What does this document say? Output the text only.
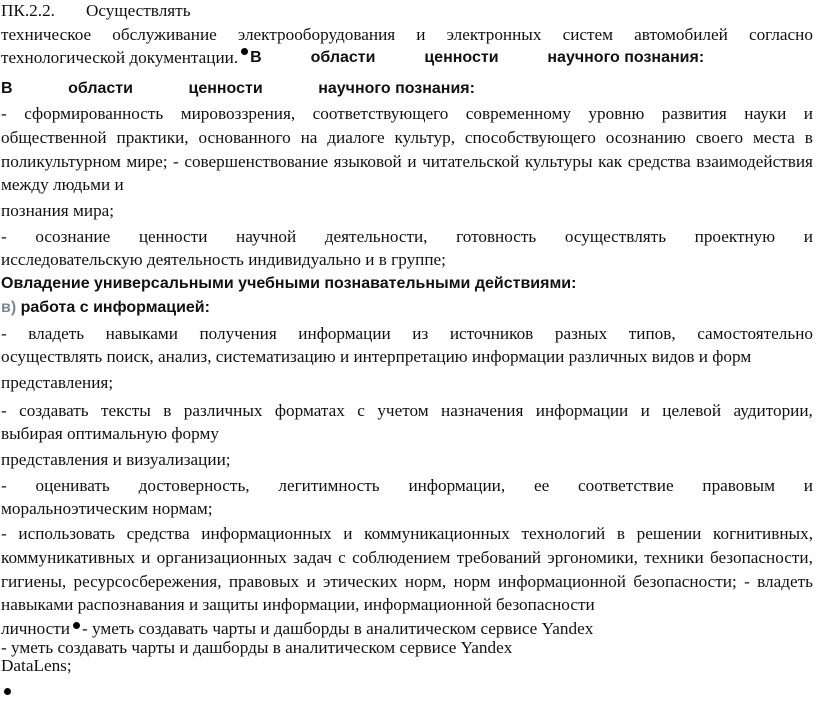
ПК.2.2. Осуществлять
техническое обслуживание электрооборудования и электронных систем автомобилей согласно
технологической документации. В	области	ценности	научного познания:
В	области	ценности	научного познания:
- сформированность мировоззрения, соответствующего современному уровню развития науки и
общественной практики, основанного на диалоге культур, способствующего осознанию своего места в
поликультурном мире; - совершенствование языковой и читательской культуры как средства взаимодействия
между людьми и
познания мира;
- осознание ценности научной деятельности, готовность осуществлять проектную и
исследовательскую деятельность индивидуально и в группе;
Овладение универсальными учебными познавательными действиями:
в) работа с информацией:
- владеть навыками получения информации из источников разных типов, самостоятельно
осуществлять поиск, анализ, систематизацию и интерпретацию информации различных видов и форм
представления;
- создавать тексты в различных форматах с учетом назначения информации и целевой аудитории,
выбирая оптимальную форму
представления и визуализации;
- оценивать достоверность, легитимность информации, ее соответствие правовым и
моральноэтическим нормам;
- использовать средства информационных и коммуникационных технологий в решении когнитивных,
коммуникативных и организационных задач с соблюдением требований эргономики, техники безопасности,
гигиены, ресурсосбережения, правовых и этических норм, норм информационной безопасности; - владеть
навыками распознавания и защиты информации, информационной безопасности
личности - уметь создавать чарты и дашборды в аналитическом сервисе Yandex
- уметь создавать чарты и дашборды в аналитическом сервисе Yandex
DataLens;
